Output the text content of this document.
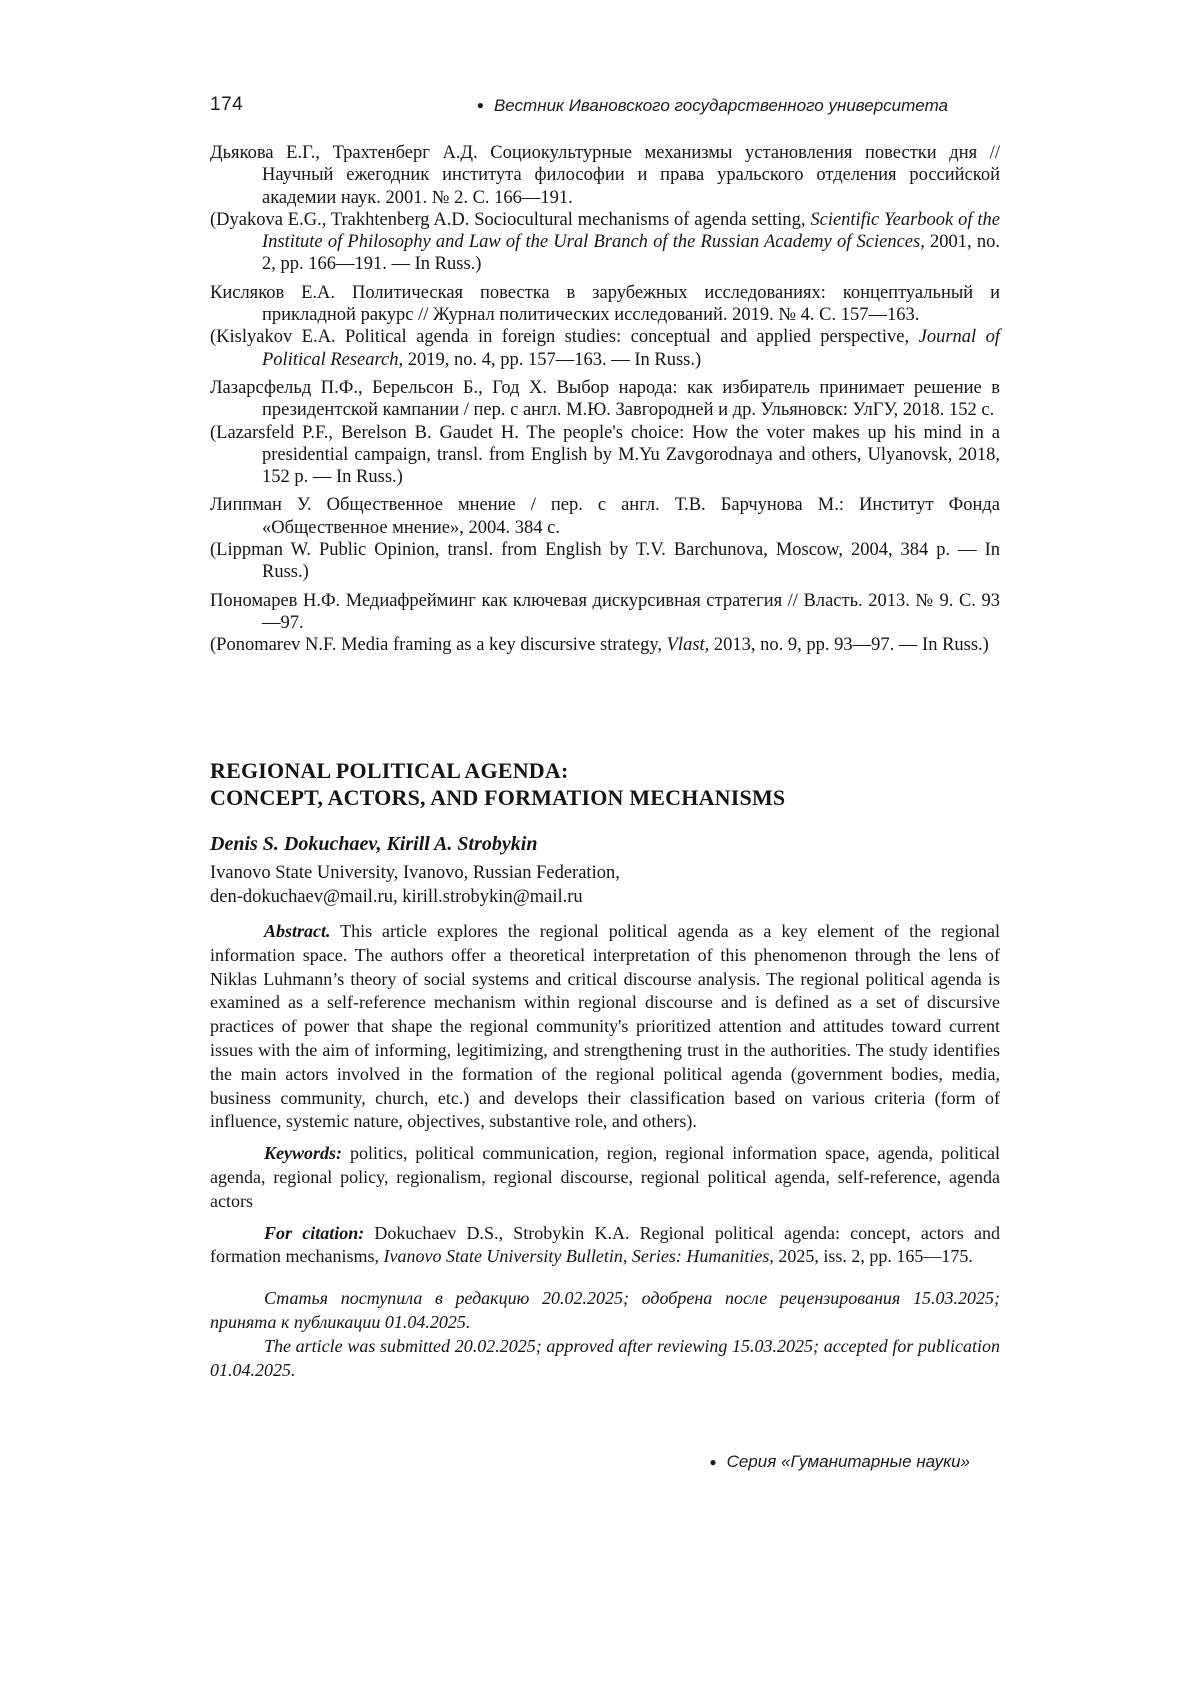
174	● Вестник Ивановского государственного университета

Дьякова Е.Г., Трахтенберг А.Д. Социокультурные механизмы установления повестки дня // Научный ежегодник института философии и права уральского отделения российской академии наук. 2001. № 2. С. 166—191.

(Dyakova E.G., Trakhtenberg A.D. Sociocultural mechanisms of agenda setting, Scientific Yearbook of the Institute of Philosophy and Law of the Ural Branch of the Russian Academy of Sciences, 2001, no. 2, pp. 166—191. — In Russ.)

Кисляков Е.А. Политическая повестка в зарубежных исследованиях: концептуальный и прикладной ракурс // Журнал политических исследований. 2019. № 4. С. 157—163.

(Kislyakov E.A. Political agenda in foreign studies: conceptual and applied perspective, Journal of Political Research, 2019, no. 4, pp. 157—163. — In Russ.)

Лазарсфельд П.Ф., Берельсон Б., Год Х. Выбор народа: как избиратель принимает решение в президентской кампании / пер. с англ. М.Ю. Завгородней и др. Ульяновск: УлГУ, 2018. 152 с.

(Lazarsfeld P.F., Berelson B. Gaudet H. The people's choice: How the voter makes up his mind in a presidential campaign, transl. from English by M.Yu Zavgorodnaya and others, Ulyanovsk, 2018, 152 p. — In Russ.)

Липпман У. Общественное мнение / пер. с англ. Т.В. Барчунова М.: Институт Фонда «Общественное мнение», 2004. 384 с.

(Lippman W. Public Opinion, transl. from English by T.V. Barchunova, Moscow, 2004, 384 p. — In Russ.)

Пономарев Н.Ф. Медиафрейминг как ключевая дискурсивная стратегия // Власть. 2013. № 9. С. 93—97.

(Ponomarev N.F. Media framing as a key discursive strategy, Vlast, 2013, no. 9, pp. 93—97. — In Russ.)

REGIONAL POLITICAL AGENDA:
CONCEPT, ACTORS, AND FORMATION MECHANISMS
Denis S. Dokuchaev, Kirill A. Strobykin
Ivanovo State University, Ivanovo, Russian Federation,
den-dokuchaev@mail.ru, kirill.strobykin@mail.ru

Abstract. This article explores the regional political agenda as a key element of the regional information space. The authors offer a theoretical interpretation of this phenomenon through the lens of Niklas Luhmann’s theory of social systems and critical discourse analysis. The regional political agenda is examined as a self-reference mechanism within regional discourse and is defined as a set of discursive practices of power that shape the regional community's prioritized attention and attitudes toward current issues with the aim of informing, legitimizing, and strengthening trust in the authorities. The study identifies the main actors involved in the formation of the regional political agenda (government bodies, media, business community, church, etc.) and develops their classification based on various criteria (form of influence, systemic nature, objectives, substantive role, and others).

Keywords: politics, political communication, region, regional information space, agenda, political agenda, regional policy, regionalism, regional discourse, regional political agenda, self-reference, agenda actors

For citation: Dokuchaev D.S., Strobykin K.A. Regional political agenda: concept, actors and formation mechanisms, Ivanovo State University Bulletin, Series: Humanities, 2025, iss. 2, pp. 165—175.

Статья поступила в редакцию 20.02.2025; одобрена после рецензирования 15.03.2025; принята к публикации 01.04.2025.

The article was submitted 20.02.2025; approved after reviewing 15.03.2025; accepted for publication 01.04.2025.

● Серия «Гуманитарные науки»
